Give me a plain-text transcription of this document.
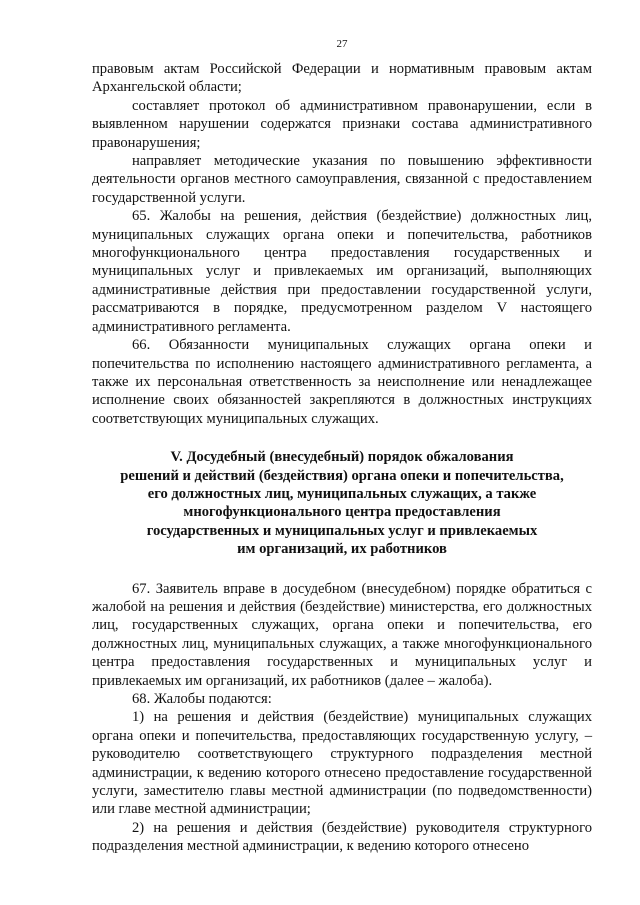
27

правовым актам Российской Федерации и нормативным правовым актам Архангельской области;

составляет протокол об административном правонарушении, если в выявленном нарушении содержатся признаки состава административного правонарушения;

направляет методические указания по повышению эффективности деятельности органов местного самоуправления, связанной с предоставлением государственной услуги.

65. Жалобы на решения, действия (бездействие) должностных лиц, муниципальных служащих органа опеки и попечительства, работников многофункционального центра предоставления государственных и муниципальных услуг и привлекаемых им организаций, выполняющих административные действия при предоставлении государственной услуги, рассматриваются в порядке, предусмотренном разделом V настоящего административного регламента.

66. Обязанности муниципальных служащих органа опеки и попечительства по исполнению настоящего административного регламента, а также их персональная ответственность за неисполнение или ненадлежащее исполнение своих обязанностей закрепляются в должностных инструкциях соответствующих муниципальных служащих.

V. Досудебный (внесудебный) порядок обжалования
решений и действий (бездействия) органа опеки и попечительства,
его должностных лиц, муниципальных служащих, а также
многофункционального центра предоставления
государственных и муниципальных услуг и привлекаемых
им организаций, их работников

67. Заявитель вправе в досудебном (внесудебном) порядке обратиться с жалобой на решения и действия (бездействие) министерства, его должностных лиц, государственных служащих, органа опеки и попечительства, его должностных лиц, муниципальных служащих, а также многофункционального центра предоставления государственных и муниципальных услуг и привлекаемых им организаций, их работников (далее – жалоба).

68. Жалобы подаются:

1) на решения и действия (бездействие) муниципальных служащих органа опеки и попечительства, предоставляющих государственную услугу, – руководителю соответствующего структурного подразделения местной администрации, к ведению которого отнесено предоставление государственной услуги, заместителю главы местной администрации (по подведомственности) или главе местной администрации;

2) на решения и действия (бездействие) руководителя структурного подразделения местной администрации, к ведению которого отнесено
